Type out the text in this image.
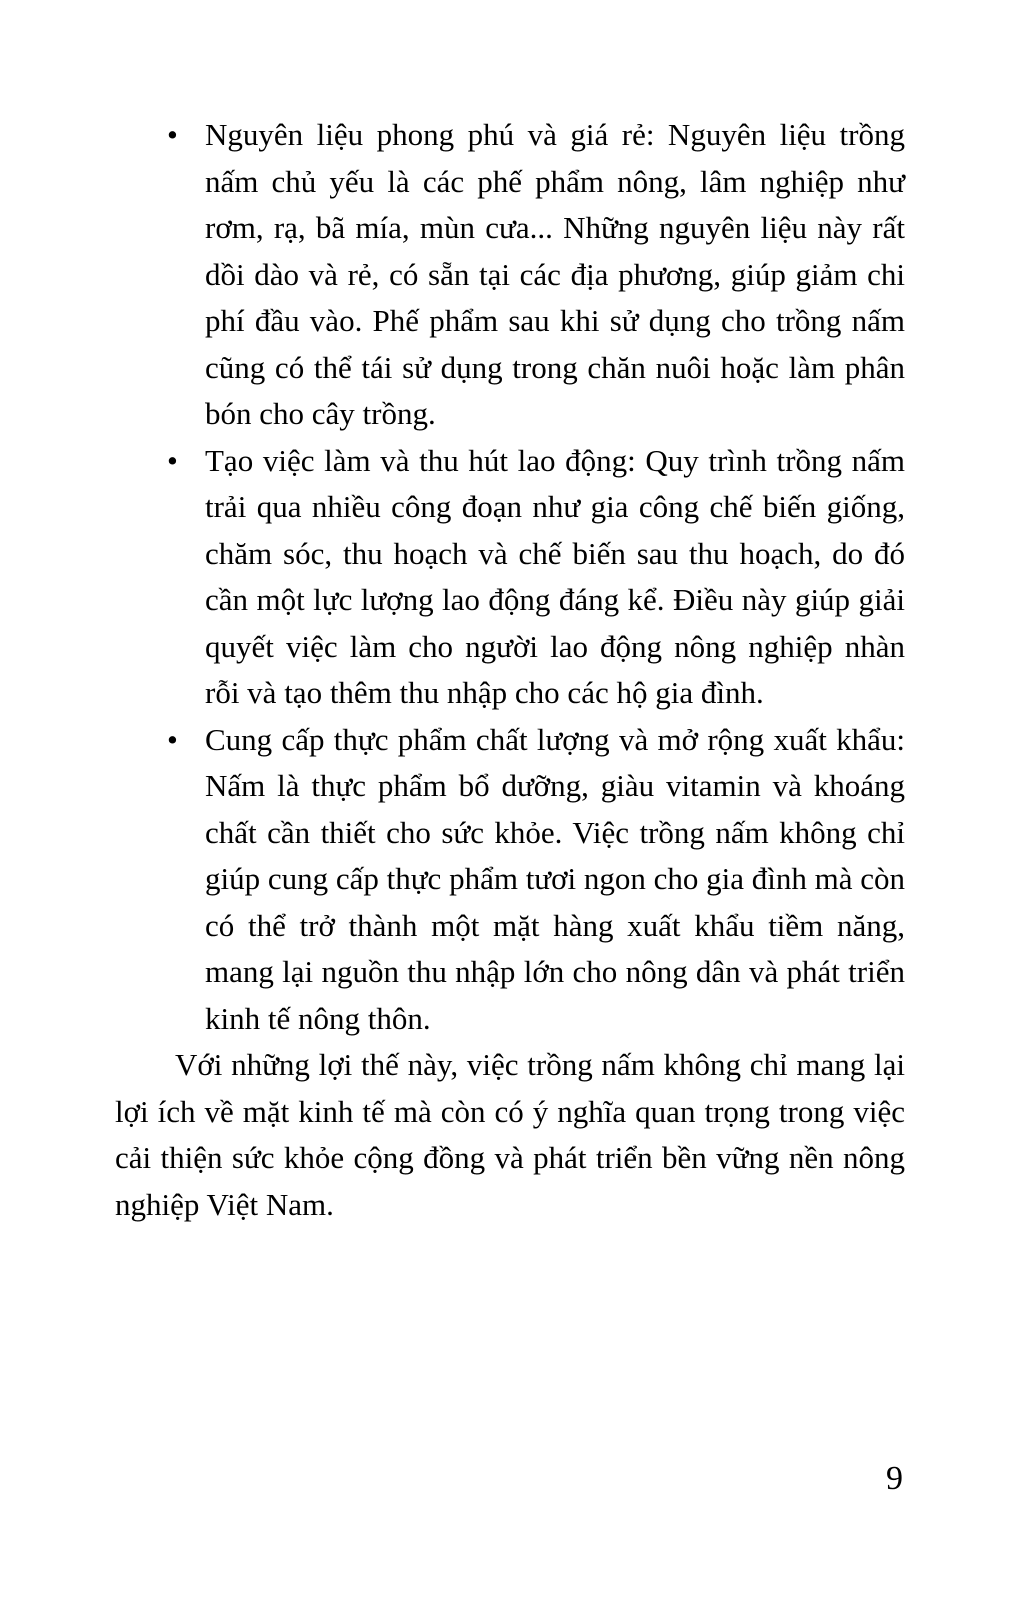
• Nguyên liệu phong phú và giá rẻ: Nguyên liệu trồng nấm chủ yếu là các phế phẩm nông, lâm nghiệp như rơm, rạ, bã mía, mùn cưa... Những nguyên liệu này rất dồi dào và rẻ, có sẵn tại các địa phương, giúp giảm chi phí đầu vào. Phế phẩm sau khi sử dụng cho trồng nấm cũng có thể tái sử dụng trong chăn nuôi hoặc làm phân bón cho cây trồng.
• Tạo việc làm và thu hút lao động: Quy trình trồng nấm trải qua nhiều công đoạn như gia công chế biến giống, chăm sóc, thu hoạch và chế biến sau thu hoạch, do đó cần một lực lượng lao động đáng kể. Điều này giúp giải quyết việc làm cho người lao động nông nghiệp nhàn rỗi và tạo thêm thu nhập cho các hộ gia đình.
• Cung cấp thực phẩm chất lượng và mở rộng xuất khẩu: Nấm là thực phẩm bổ dưỡng, giàu vitamin và khoáng chất cần thiết cho sức khỏe. Việc trồng nấm không chỉ giúp cung cấp thực phẩm tươi ngon cho gia đình mà còn có thể trở thành một mặt hàng xuất khẩu tiềm năng, mang lại nguồn thu nhập lớn cho nông dân và phát triển kinh tế nông thôn.

Với những lợi thế này, việc trồng nấm không chỉ mang lại lợi ích về mặt kinh tế mà còn có ý nghĩa quan trọng trong việc cải thiện sức khỏe cộng đồng và phát triển bền vững nền nông nghiệp Việt Nam.

9
